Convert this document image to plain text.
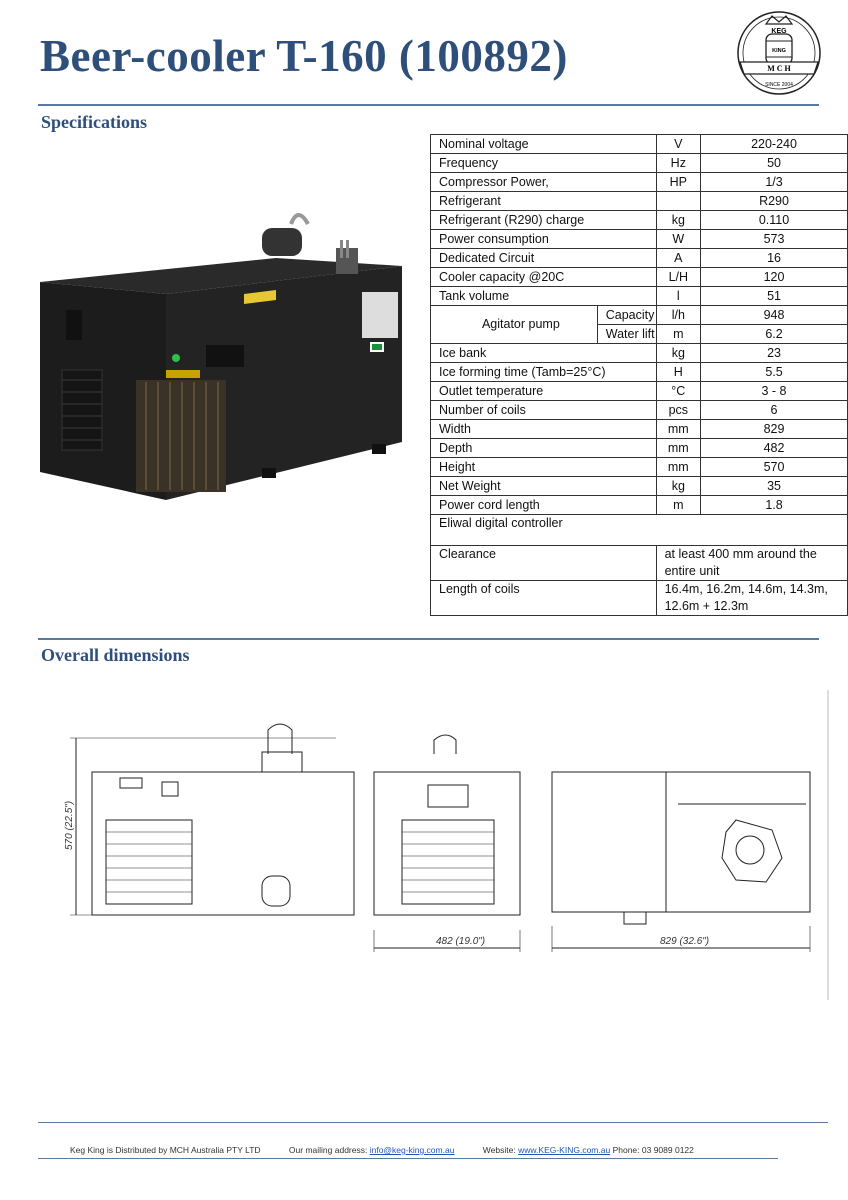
Beer-cooler T-160 (100892)	KEG
M C H
KING
SINCE 2004
Specifications
Nominal voltage		V	220-240
Frequency		Hz	50
Compressor Power,		HP	1/3
Refrigerant			R290
Refrigerant (R290) charge		kg	0.110
Power consumption		W	573
Dedicated Circuit		A	16
Cooler capacity @20C		L/H	120
Tank volume		l	51
Agitator pump	Capacity	l/h	948
	Water lift	m	6.2
Ice bank		kg	23
Ice forming time (Tamb=25°C)		H	5.5
Outlet temperature		°C	3 - 8
Number of coils		pcs	6
Width		mm	829
Depth		mm	482
Height		mm	570
Net Weight		kg	35
Power cord length		m	1.8
Eliwal digital controller			
Clearance		at least 400 mm around the entire unit	
Length of coils		16.4m, 16.2m, 14.6m, 14.3m, 12.6m + 12.3m	
Overall dimensions
570 (22.5")
482 (19.0")	829 (32.6")
Keg King is Distributed by MCH Australia PTY LTD	Our mailing address: info@keg-king.com.au	Website: www.KEG-KING.com.au Phone: 03 9089 0122
